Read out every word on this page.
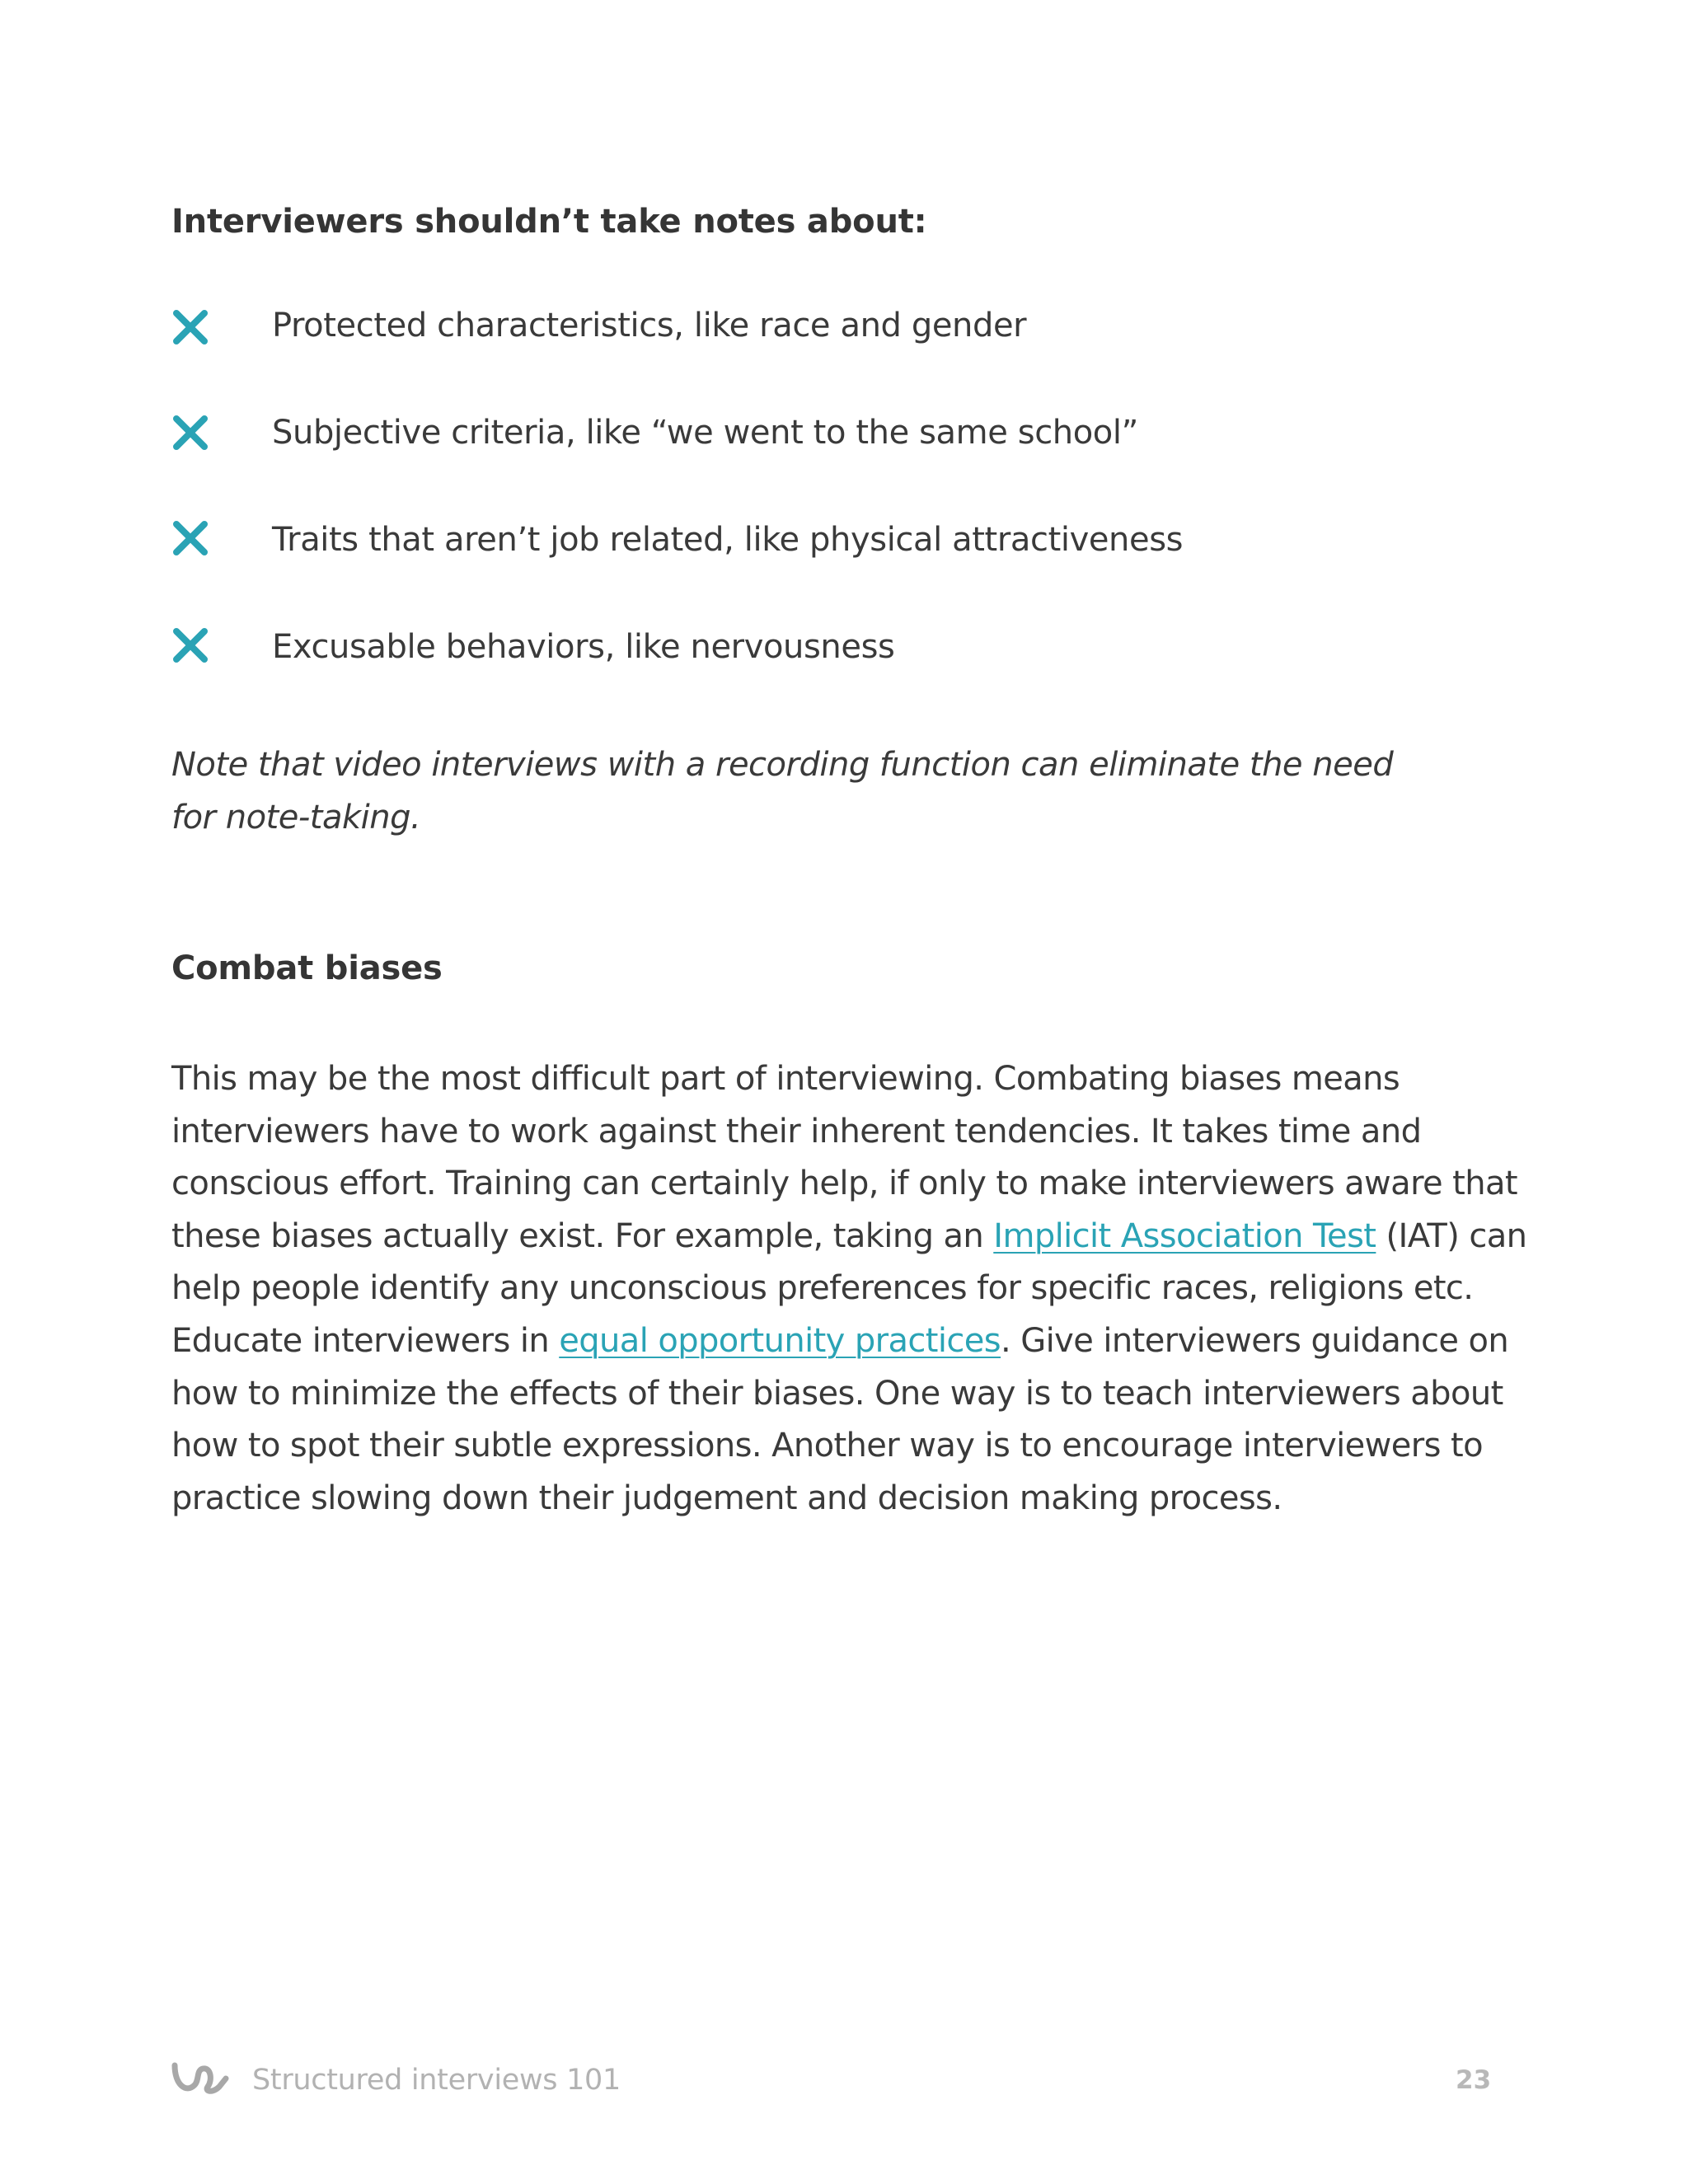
Interviewers shouldn’t take notes about:
Protected characteristics, like race and gender
Subjective criteria, like “we went to the same school”
Traits that aren’t job related, like physical attractiveness
Excusable behaviors, like nervousness

Note that video interviews with a recording function can eliminate the need
for note-taking.

Combat biases

This may be the most difficult part of interviewing. Combating biases means
interviewers have to work against their inherent tendencies. It takes time and
conscious effort. Training can certainly help, if only to make interviewers aware that
these biases actually exist. For example, taking an Implicit Association Test (IAT) can
help people identify any unconscious preferences for specific races, religions etc.
Educate interviewers in equal opportunity practices. Give interviewers guidance on
how to minimize the effects of their biases. One way is to teach interviewers about
how to spot their subtle expressions. Another way is to encourage interviewers to
practice slowing down their judgement and decision making process.

Structured interviews 101	23
